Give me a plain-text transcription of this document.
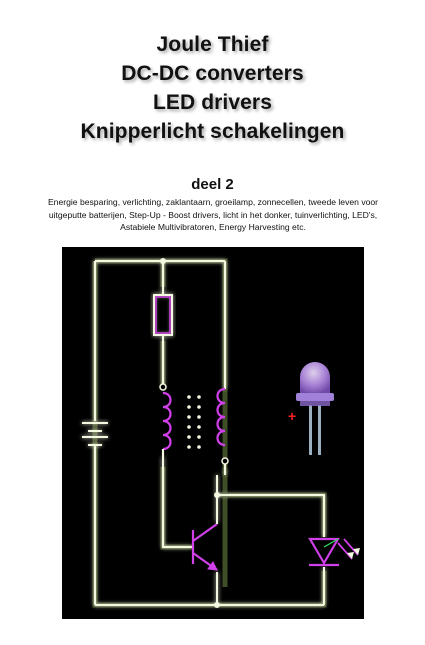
Joule Thief
DC-DC converters
LED drivers
Knipperlicht schakelingen
deel 2
Energie besparing, verlichting, zaklantaarn, groeilamp, zonnecellen, tweede leven voor uitgeputte batterijen, Step-Up - Boost drivers, licht in het donker, tuinverlichting, LED's, Astabiele Multivibratoren, Energy Harvesting etc.
+
